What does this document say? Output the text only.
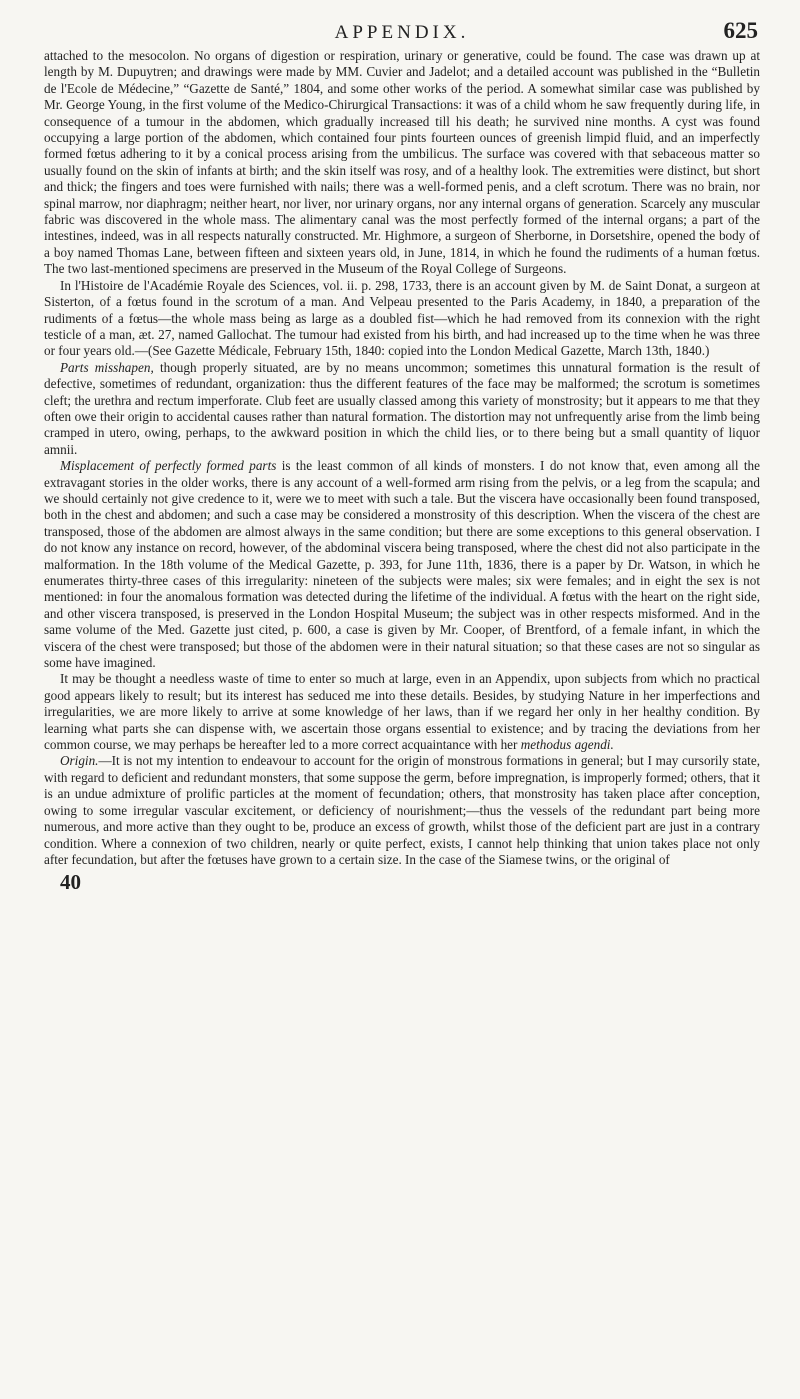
APPENDIX.	625

attached to the mesocolon. No organs of digestion or respiration, urinary or generative, could be found. The case was drawn up at length by M. Dupuytren; and drawings were made by MM. Cuvier and Jadelot; and a detailed account was published in the “Bulletin de l'Ecole de Médecine,” “Gazette de Santé,” 1804, and some other works of the period. A somewhat similar case was published by Mr. George Young, in the first volume of the Medico-Chirurgical Transactions: it was of a child whom he saw frequently during life, in consequence of a tumour in the abdomen, which gradually increased till his death; he survived nine months. A cyst was found occupying a large portion of the abdomen, which contained four pints fourteen ounces of greenish limpid fluid, and an imperfectly formed fœtus adhering to it by a conical process arising from the umbilicus. The surface was covered with that sebaceous matter so usually found on the skin of infants at birth; and the skin itself was rosy, and of a healthy look. The extremities were distinct, but short and thick; the fingers and toes were furnished with nails; there was a well-formed penis, and a cleft scrotum. There was no brain, nor spinal marrow, nor diaphragm; neither heart, nor liver, nor urinary organs, nor any internal organs of generation. Scarcely any muscular fabric was discovered in the whole mass. The alimentary canal was the most perfectly formed of the internal organs; a part of the intestines, indeed, was in all respects naturally constructed. Mr. Highmore, a surgeon of Sherborne, in Dorsetshire, opened the body of a boy named Thomas Lane, between fifteen and sixteen years old, in June, 1814, in which he found the rudiments of a human fœtus. The two last-mentioned specimens are preserved in the Museum of the Royal College of Surgeons.

In l'Histoire de l'Académie Royale des Sciences, vol. ii. p. 298, 1733, there is an account given by M. de Saint Donat, a surgeon at Sisterton, of a fœtus found in the scrotum of a man. And Velpeau presented to the Paris Academy, in 1840, a preparation of the rudiments of a fœtus—the whole mass being as large as a doubled fist—which he had removed from its connexion with the right testicle of a man, æt. 27, named Gallochat. The tumour had existed from his birth, and had increased up to the time when he was three or four years old.—(See Gazette Médicale, February 15th, 1840: copied into the London Medical Gazette, March 13th, 1840.)

Parts misshapen, though properly situated, are by no means uncommon; sometimes this unnatural formation is the result of defective, sometimes of redundant, organization: thus the different features of the face may be malformed; the scrotum is sometimes cleft; the urethra and rectum imperforate. Club feet are usually classed among this variety of monstrosity; but it appears to me that they often owe their origin to accidental causes rather than natural formation. The distortion may not unfrequently arise from the limb being cramped in utero, owing, perhaps, to the awkward position in which the child lies, or to there being but a small quantity of liquor amnii.

Misplacement of perfectly formed parts is the least common of all kinds of monsters. I do not know that, even among all the extravagant stories in the older works, there is any account of a well-formed arm rising from the pelvis, or a leg from the scapula; and we should certainly not give credence to it, were we to meet with such a tale. But the viscera have occasionally been found transposed, both in the chest and abdomen; and such a case may be considered a monstrosity of this description. When the viscera of the chest are transposed, those of the abdomen are almost always in the same condition; but there are some exceptions to this general observation. I do not know any instance on record, however, of the abdominal viscera being transposed, where the chest did not also participate in the malformation. In the 18th volume of the Medical Gazette, p. 393, for June 11th, 1836, there is a paper by Dr. Watson, in which he enumerates thirty-three cases of this irregularity: nineteen of the subjects were males; six were females; and in eight the sex is not mentioned: in four the anomalous formation was detected during the lifetime of the individual. A fœtus with the heart on the right side, and other viscera transposed, is preserved in the London Hospital Museum; the subject was in other respects misformed. And in the same volume of the Med. Gazette just cited, p. 600, a case is given by Mr. Cooper, of Brentford, of a female infant, in which the viscera of the chest were transposed; but those of the abdomen were in their natural situation; so that these cases are not so singular as some have imagined.

It may be thought a needless waste of time to enter so much at large, even in an Appendix, upon subjects from which no practical good appears likely to result; but its interest has seduced me into these details. Besides, by studying Nature in her imperfections and irregularities, we are more likely to arrive at some knowledge of her laws, than if we regard her only in her healthy condition. By learning what parts she can dispense with, we ascertain those organs essential to existence; and by tracing the deviations from her common course, we may perhaps be hereafter led to a more correct acquaintance with her methodus agendi.

Origin.—It is not my intention to endeavour to account for the origin of monstrous formations in general; but I may cursorily state, with regard to deficient and redundant monsters, that some suppose the germ, before impregnation, is improperly formed; others, that it is an undue admixture of prolific particles at the moment of fecundation; others, that monstrosity has taken place after conception, owing to some irregular vascular excitement, or deficiency of nourishment;—thus the vessels of the redundant part being more numerous, and more active than they ought to be, produce an excess of growth, whilst those of the deficient part are just in a contrary condition. Where a connexion of two children, nearly or quite perfect, exists, I cannot help thinking that union takes place not only after fecundation, but after the fœtuses have grown to a certain size. In the case of the Siamese twins, or the original of

40
